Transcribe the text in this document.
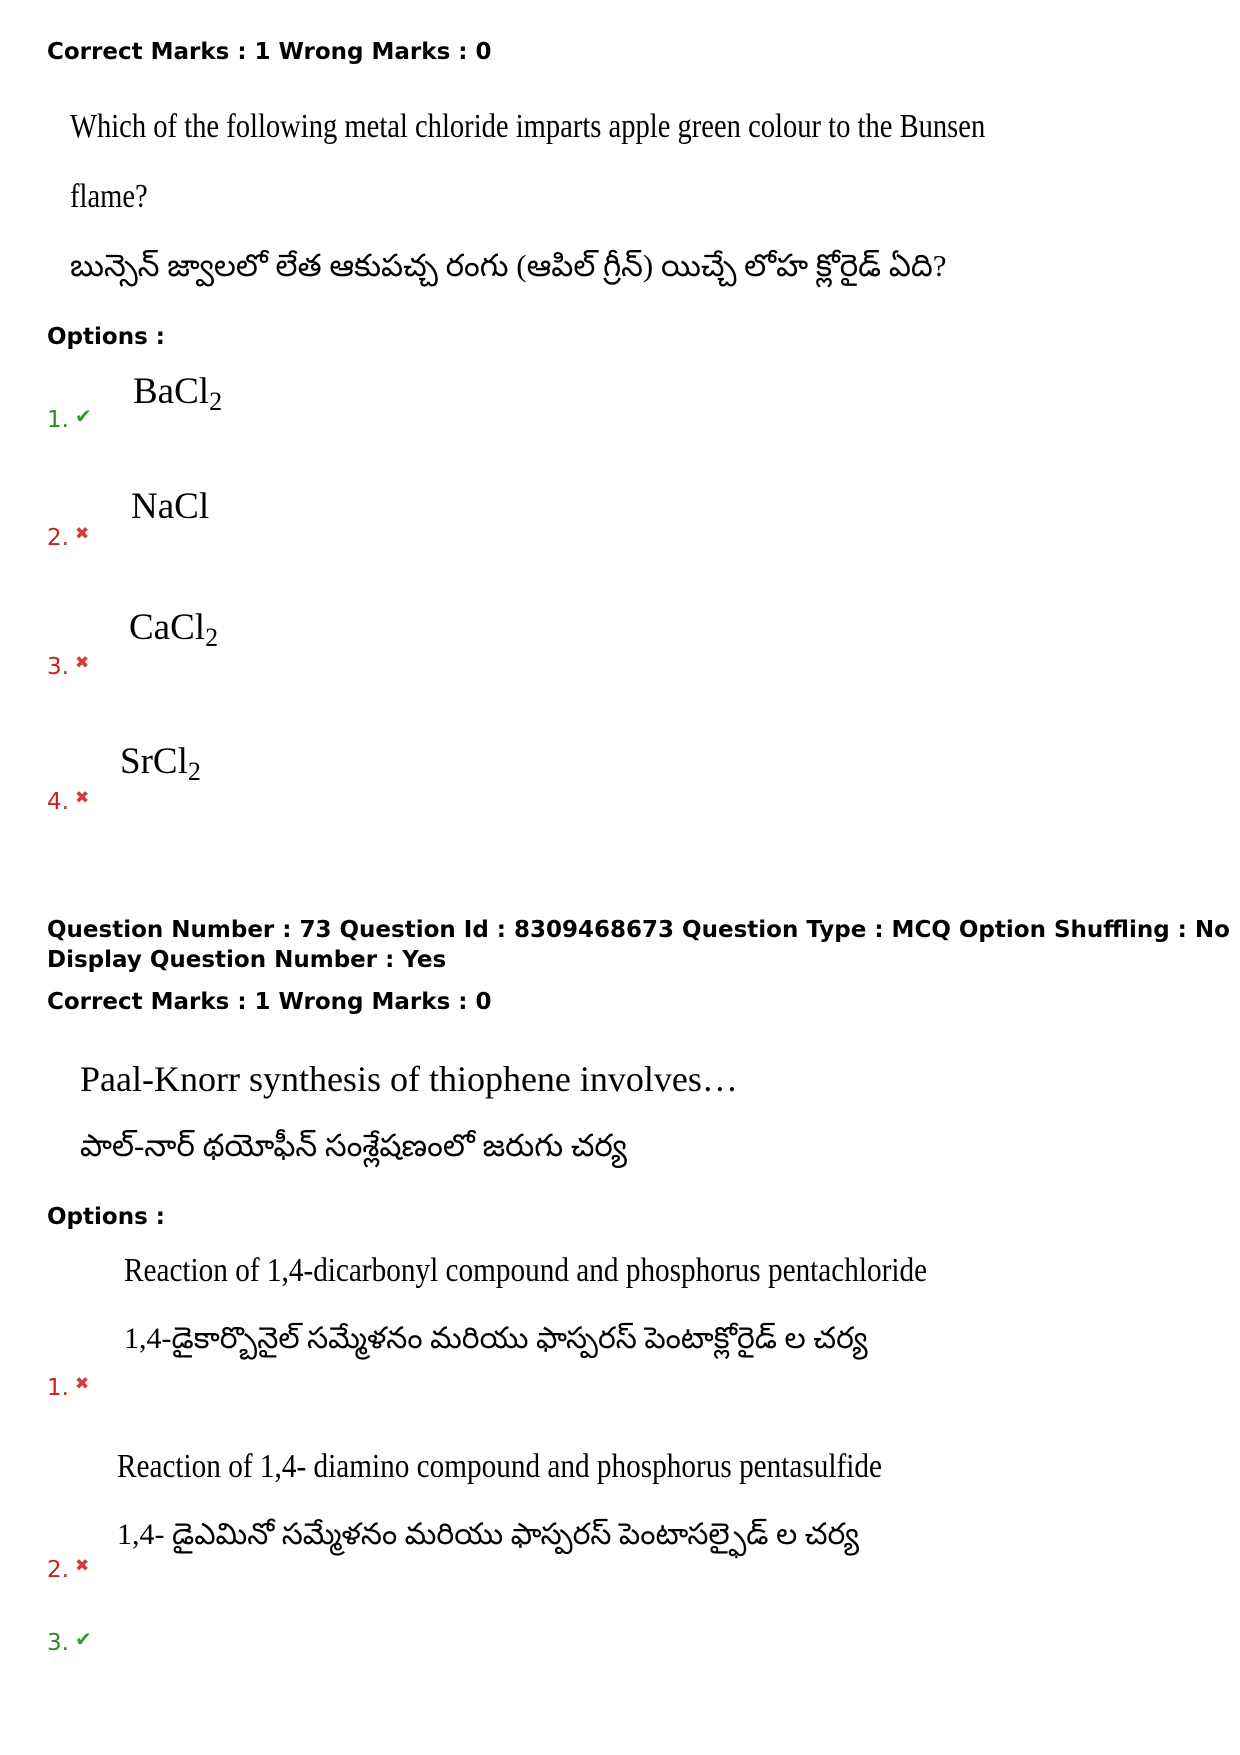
Correct Marks : 1 Wrong Marks : 0
Which of the following metal chloride imparts apple green colour to the Bunsen
flame?
బున్సెన్ జ్వాలలో లేత ఆకుపచ్చ రంగు (ఆపిల్ గ్రీన్) యిచ్చే లోహ క్లోరైడ్ ఏది?
Options :
1. ✔
BaCl$_2$
2. ✖
NaCl
3. ✖
CaCl$_2$
4. ✖
SrCl$_2$
Question Number : 73 Question Id : 8309468673 Question Type : MCQ Option Shuffling : No
Display Question Number : Yes
Correct Marks : 1 Wrong Marks : 0
Paal-Knorr synthesis of thiophene involves…
పాల్-నార్ థయోఫీన్ సంశ్లేషణంలో జరుగు చర్య
Options :
Reaction of 1,4-dicarbonyl compound and phosphorus pentachloride
1,4-డైకార్బొనైల్ సమ్మేళనం మరియు ఫాస్పరస్ పెంటాక్లోరైడ్ ల చర్య
1. ✖
Reaction of 1,4- diamino compound and phosphorus pentasulfide
1,4- డైఎమినో సమ్మేళనం మరియు ఫాస్పరస్ పెంటాసల్ఫైడ్ ల చర్య
2. ✖
3. ✔
